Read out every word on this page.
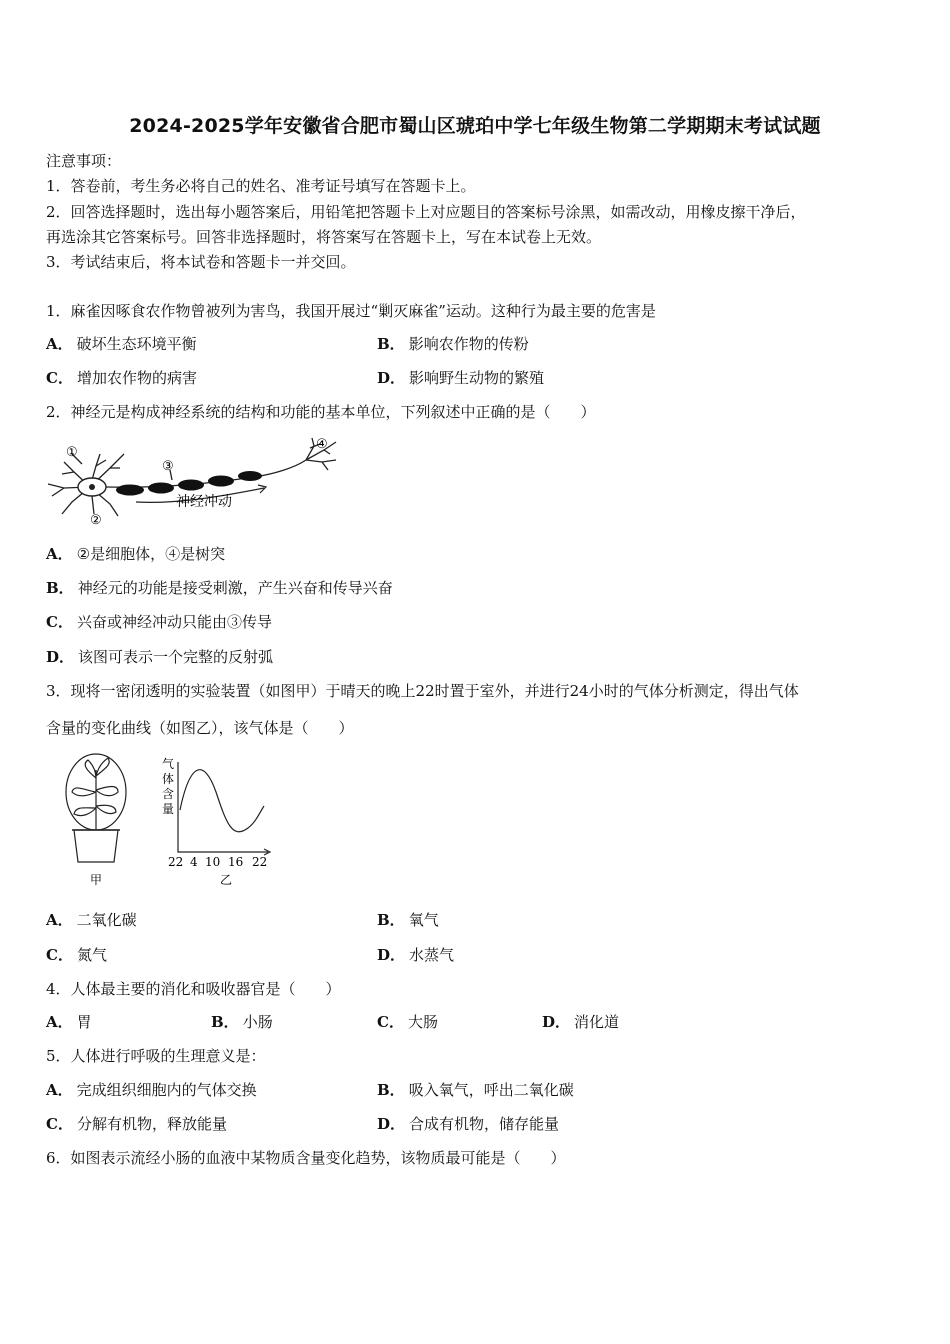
2024-2025学年安徽省合肥市蜀山区琥珀中学七年级生物第二学期期末考试试题
注意事项：
1．答卷前，考生务必将自己的姓名、准考证号填写在答题卡上。
2．回答选择题时，选出每小题答案后，用铅笔把答题卡上对应题目的答案标号涂黑，如需改动，用橡皮擦干净后，
再选涂其它答案标号。回答非选择题时，将答案写在答题卡上，写在本试卷上无效。
3．考试结束后，将本试卷和答题卡一并交回。
1．麻雀因啄食农作物曾被列为害鸟，我国开展过“剿灭麻雀”运动。这种行为最主要的危害是
A． 破坏生态环境平衡	B． 影响农作物的传粉
C． 增加农作物的病害	D． 影响野生动物的繁殖
2．神经元是构成神经系统的结构和功能的基本单位，下列叙述中正确的是（　　）
①
②
③
④
神经冲动
A． ②是细胞体，④是树突
B． 神经元的功能是接受刺激，产生兴奋和传导兴奋
C． 兴奋或神经冲动只能由③传导
D． 该图可表示一个完整的反射弧
3．现将一密闭透明的实验装置（如图甲）于晴天的晚上22时置于室外，并进行24小时的气体分析测定，得出气体
含量的变化曲线（如图乙），该气体是（　　）
甲
气
体
含
量
22 4 10 16 22
乙
A． 二氧化碳	B． 氧气
C． 氮气	D． 水蒸气
4．人体最主要的消化和吸收器官是（　　）
A． 胃	B． 小肠	C． 大肠	D． 消化道
5．人体进行呼吸的生理意义是：
A． 完成组织细胞内的气体交换	B． 吸入氧气，呼出二氧化碳
C． 分解有机物，释放能量	D． 合成有机物，储存能量
6．如图表示流经小肠的血液中某物质含量变化趋势，该物质最可能是（　　）
